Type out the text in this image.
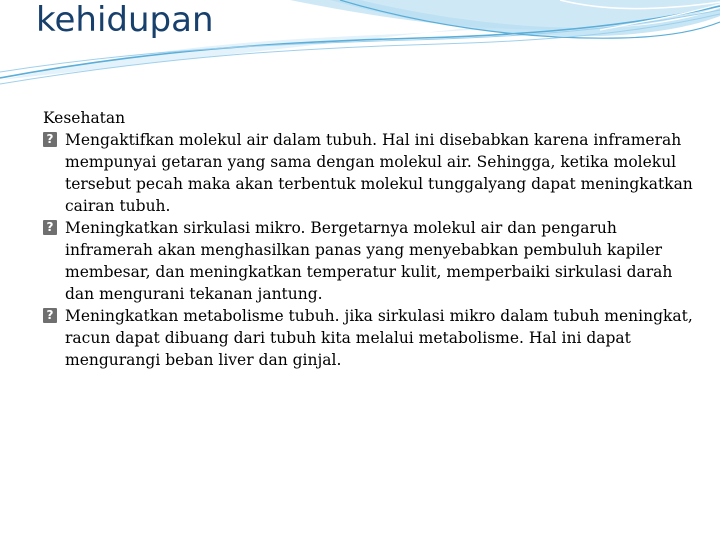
kehidupan

Kesehatan

? Mengaktifkan molekul air dalam tubuh. Hal ini disebabkan karena inframerah mempunyai getaran yang sama dengan molekul air. Sehingga, ketika molekul tersebut pecah maka akan terbentuk molekul tunggalyang dapat meningkatkan cairan tubuh.
? Meningkatkan sirkulasi mikro. Bergetarnya molekul air dan pengaruh inframerah akan menghasilkan panas yang menyebabkan pembuluh kapiler membesar, dan meningkatkan temperatur kulit, memperbaiki sirkulasi darah dan mengurani tekanan jantung.
? Meningkatkan metabolisme tubuh. jika sirkulasi mikro dalam tubuh meningkat, racun dapat dibuang dari tubuh kita melalui metabolisme. Hal ini dapat mengurangi beban liver dan ginjal.
